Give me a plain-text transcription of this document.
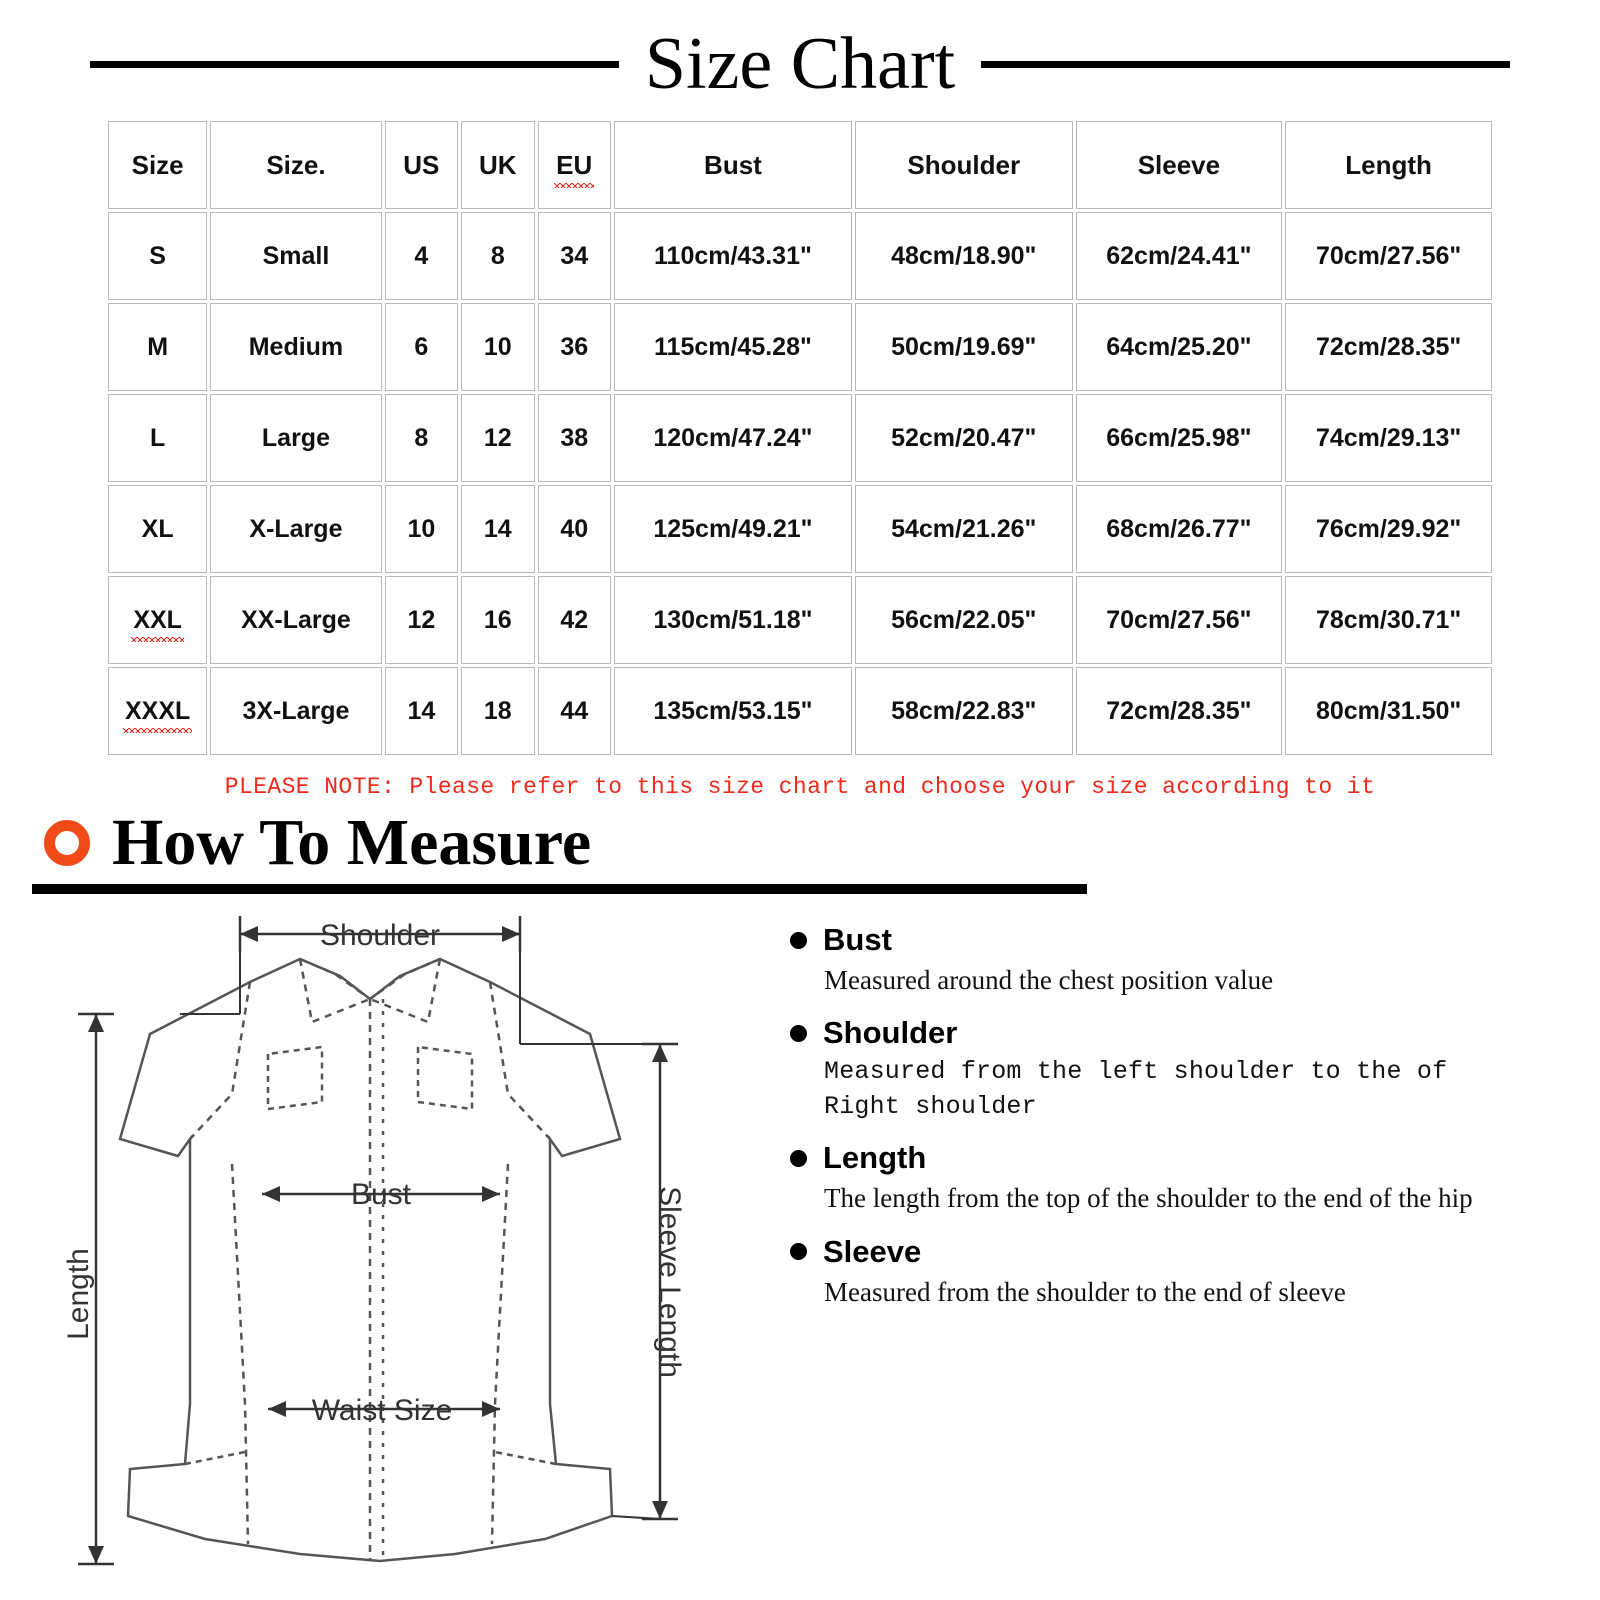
Size Chart
Size	Size.	US	UK	EU	Bust	Shoulder	Sleeve	Length
S	Small	4	8	34	110cm/43.31"	48cm/18.90"	62cm/24.41"	70cm/27.56"
M	Medium	6	10	36	115cm/45.28"	50cm/19.69"	64cm/25.20"	72cm/28.35"
L	Large	8	12	38	120cm/47.24"	52cm/20.47"	66cm/25.98"	74cm/29.13"
XL	X-Large	10	14	40	125cm/49.21"	54cm/21.26"	68cm/26.77"	76cm/29.92"
XXL	XX-Large	12	16	42	130cm/51.18"	56cm/22.05"	70cm/27.56"	78cm/30.71"
XXXL	3X-Large	14	18	44	135cm/53.15"	58cm/22.83"	72cm/28.35"	80cm/31.50"
PLEASE NOTE: Please refer to this size chart and choose your size according to it
How To Measure
Shoulder
Length
Bust
Waist Size
Sleeve Length
Bust
Measured around the chest position value
Shoulder
Measured from the left shoulder to the of Right shoulder
Length
The length from the top of the shoulder to the end of the hip
Sleeve
Measured from the shoulder to the end of sleeve
